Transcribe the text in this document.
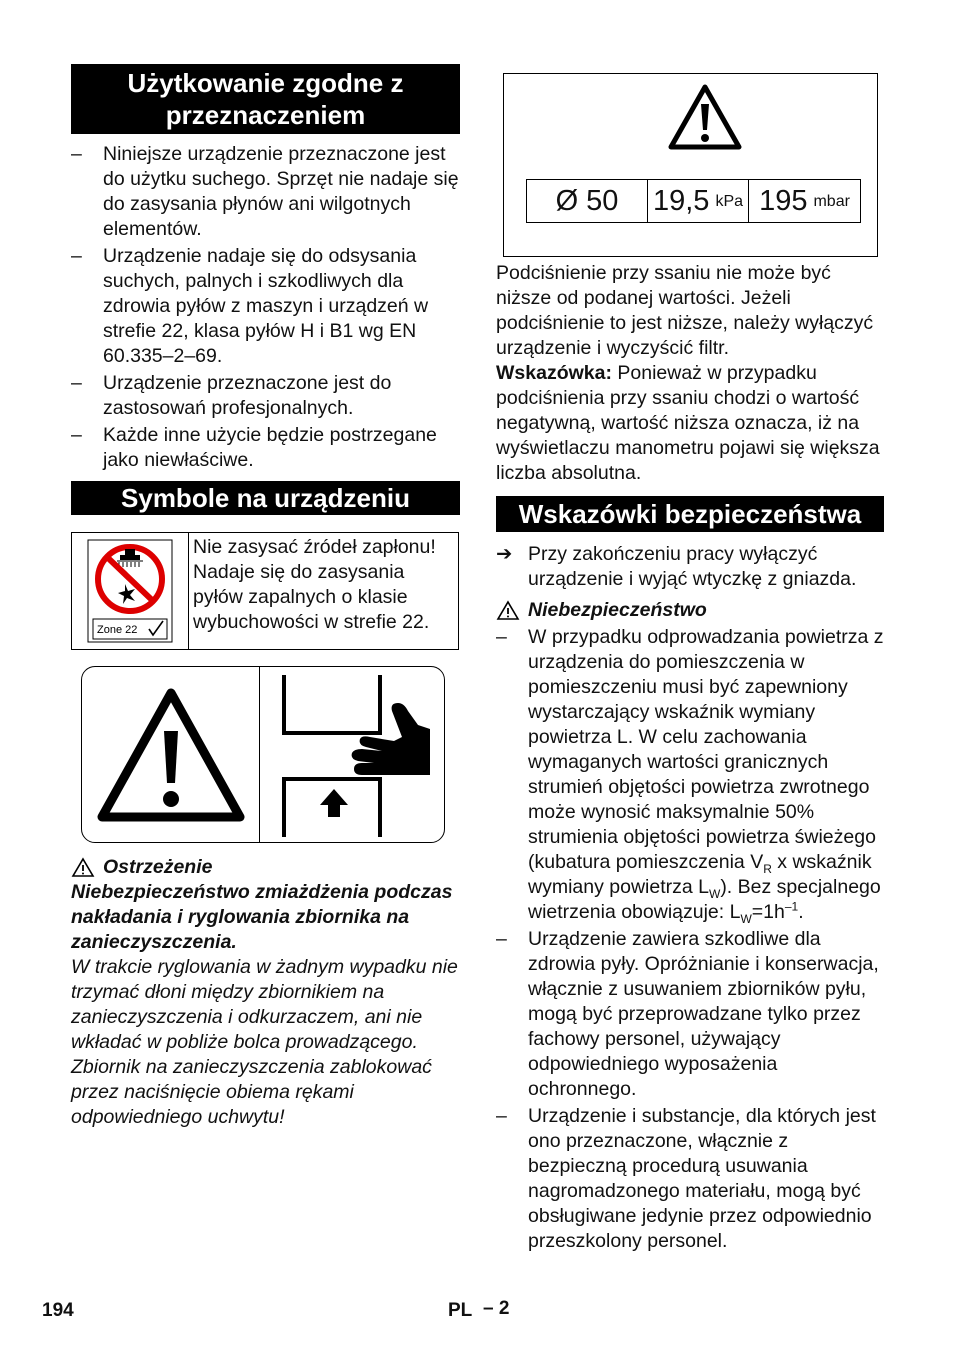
Użytkowanie zgodne z przeznaczeniem
– Niniejsze urządzenie przeznaczone jest do użytku suchego. Sprzęt nie nadaje się do zasysania płynów ani wilgotnych elementów.
– Urządzenie nadaje się do odsysania suchych, palnych i szkodliwych dla zdrowia pyłów z maszyn i urządzeń w strefie 22, klasa pyłów H i B1 wg EN 60.335–2–69.
– Urządzenie przeznaczone jest do zastosowań profesjonalnych.
– Każde inne użycie będzie postrzegane jako niewłaściwe.
Symbole na urządzeniu
Zone 22
Nie zasysać źródeł zapłonu! Nadaje się do zasysania pyłów zapalnych o klasie wybuchowości w strefie 22.
Ostrzeżenie

Niebezpieczeństwo zmiażdżenia podczas nakładania i ryglowania zbiornika na zanieczyszczenia.

W trakcie ryglowania w żadnym wypadku nie trzymać dłoni między zbiornikiem na zanieczyszczenia i odkurzaczem, ani nie wkładać w pobliże bolca prowadzącego. Zbiornik na zanieczyszczenia zablokować przez naciśnięcie obiema rękami odpowiedniego uchwytu!

Ø 50	19,5 kPa 195 mbar

Podciśnienie przy ssaniu nie może być niższe od podanej wartości. Jeżeli podciśnienie to jest niższe, należy wyłączyć urządzenie i wyczyścić filtr.

Wskazówka: Ponieważ w przypadku podciśnienia przy ssaniu chodzi o wartość negatywną, wartość niższa oznacza, iż na wyświetlaczu manometru pojawi się większa liczba absolutna.

Wskazówki bezpieczeństwa
➔ Przy zakończeniu pracy wyłączyć urządzenie i wyjąć wtyczkę z gniazda.
Niebezpieczeństwo
– W przypadku odprowadzania powietrza z urządzenia do pomieszczenia w pomieszczeniu musi być zapewniony wystarczający wskaźnik wymiany powietrza L. W celu zachowania wymaganych wartości granicznych strumień objętości powietrza zwrotnego może wynosić maksymalnie 50% strumienia objętości powietrza świeżego (kubatura pomieszczenia $V_R$ x wskaźnik wymiany powietrza $L_W$). Bez specjalnego wietrzenia obowiązuje: $L_W=1h^{-1}$.
– Urządzenie zawiera szkodliwe dla zdrowia pyły. Opróżnianie i konserwacja, włącznie z usuwaniem zbiorników pyłu, mogą być przeprowadzane tylko przez fachowy personel, używający odpowiedniego wyposażenia ochronnego.
– Urządzenie i substancje, dla których jest ono przeznaczone, włącznie z bezpieczną procedurą usuwania nagromadzonego materiału, mogą być obsługiwane jedynie przez odpowiednio przeszkolony personel.
194	PL – 2
